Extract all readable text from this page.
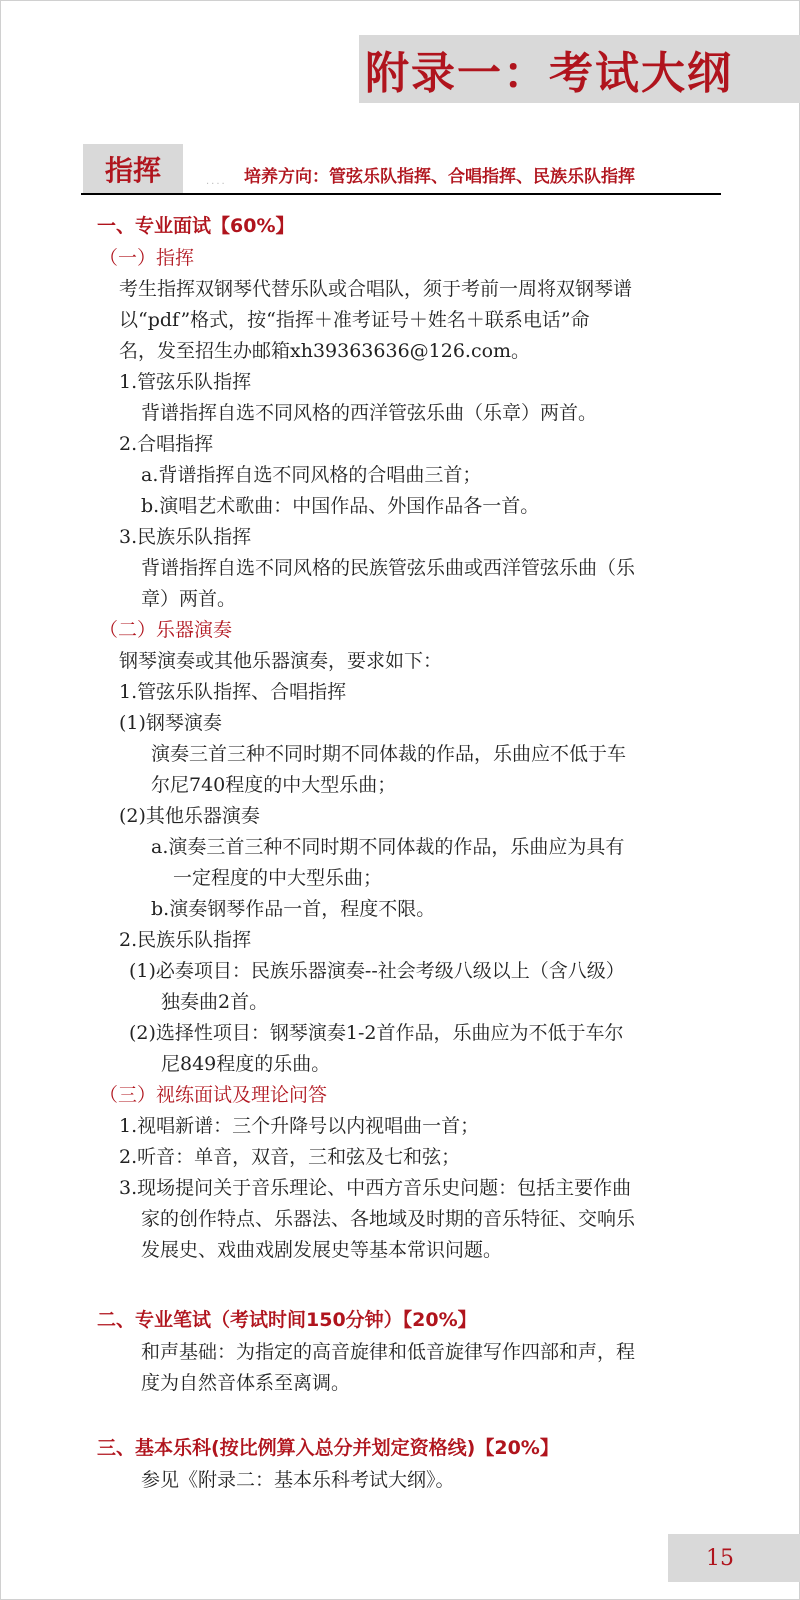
附录一：考试大纲
指挥	.... 培养方向：管弦乐队指挥、合唱指挥、民族乐队指挥
一、专业面试【60%】
（一）指挥
考生指挥双钢琴代替乐队或合唱队，须于考前一周将双钢琴谱
以“pdf”格式，按“指挥＋准考证号＋姓名＋联系电话”命
名，发至招生办邮箱xh39363636@126.com。
1.管弦乐队指挥
背谱指挥自选不同风格的西洋管弦乐曲（乐章）两首。
2.合唱指挥
a.背谱指挥自选不同风格的合唱曲三首；
b.演唱艺术歌曲：中国作品、外国作品各一首。
3.民族乐队指挥
背谱指挥自选不同风格的民族管弦乐曲或西洋管弦乐曲（乐
章）两首。
（二）乐器演奏
钢琴演奏或其他乐器演奏，要求如下：
1.管弦乐队指挥、合唱指挥
(1)钢琴演奏
演奏三首三种不同时期不同体裁的作品，乐曲应不低于车
尔尼740程度的中大型乐曲；
(2)其他乐器演奏
a.演奏三首三种不同时期不同体裁的作品，乐曲应为具有
一定程度的中大型乐曲；
b.演奏钢琴作品一首，程度不限。
2.民族乐队指挥
(1)必奏项目：民族乐器演奏--社会考级八级以上（含八级）
独奏曲2首。
(2)选择性项目：钢琴演奏1-2首作品，乐曲应为不低于车尔
尼849程度的乐曲。
（三）视练面试及理论问答
1.视唱新谱：三个升降号以内视唱曲一首；
2.听音：单音，双音，三和弦及七和弦；
3.现场提问关于音乐理论、中西方音乐史问题：包括主要作曲
家的创作特点、乐器法、各地域及时期的音乐特征、交响乐
发展史、戏曲戏剧发展史等基本常识问题。
二、专业笔试（考试时间150分钟）【20%】
和声基础：为指定的高音旋律和低音旋律写作四部和声，程
度为自然音体系至离调。
三、基本乐科(按比例算入总分并划定资格线)【20%】
参见《附录二：基本乐科考试大纲》。
15
